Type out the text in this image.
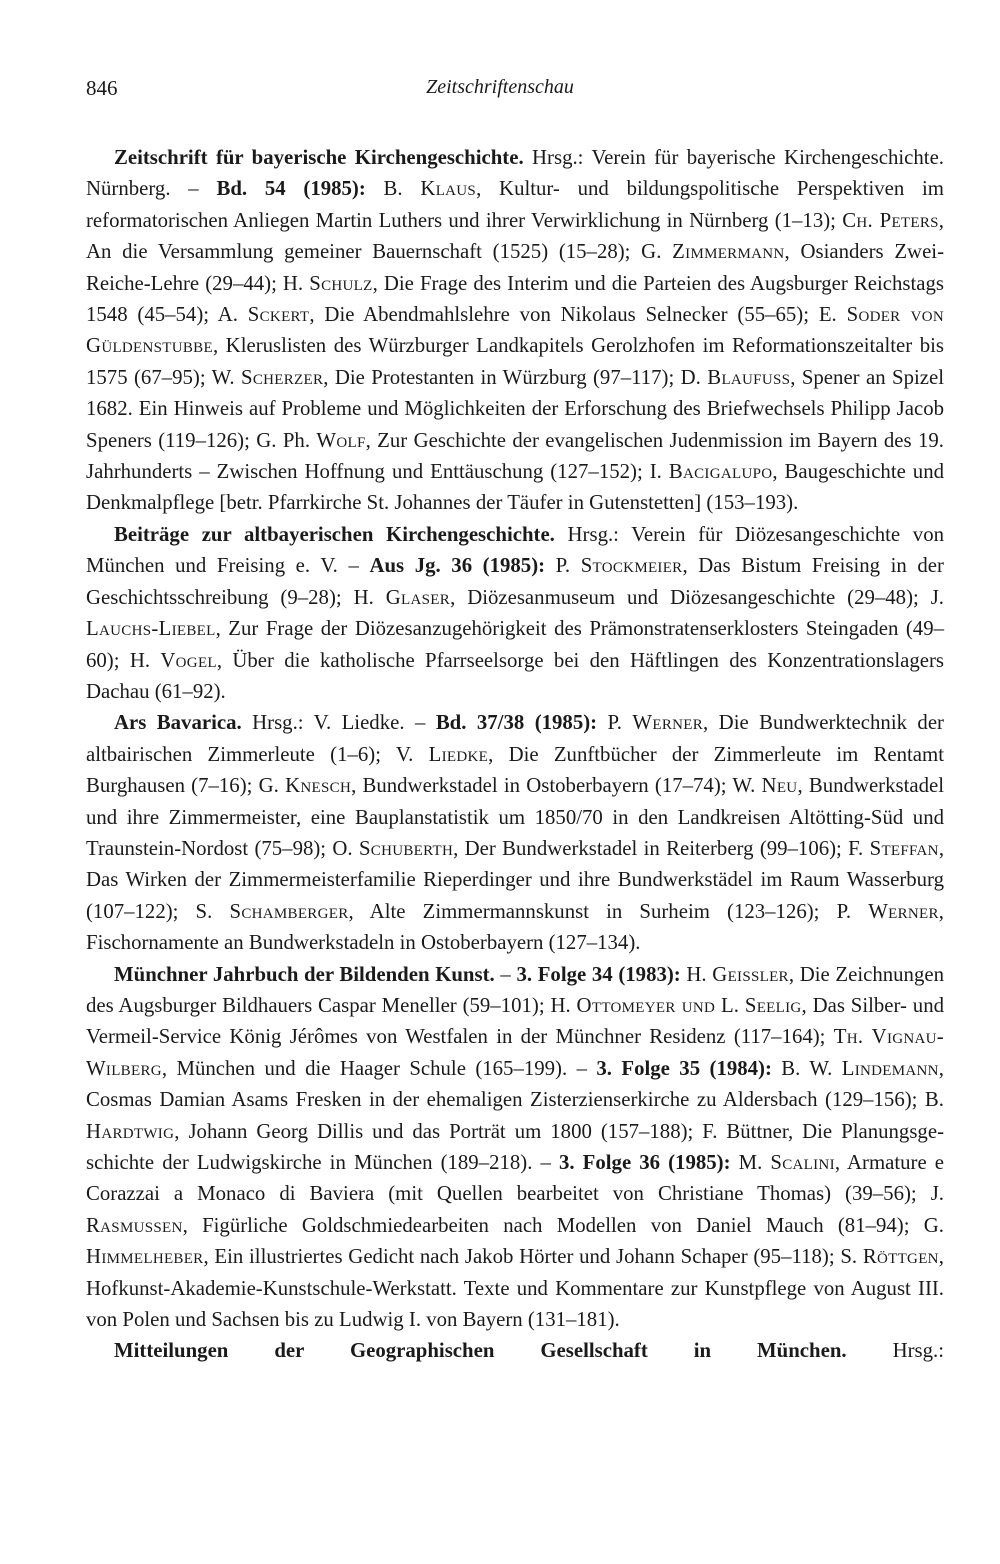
846	Zeitschriftenschau

Zeitschrift für bayerische Kirchengeschichte. Hrsg.: Verein für bayerische Kirchengeschichte. Nürnberg. – Bd. 54 (1985): B. Klaus, Kultur- und bildungspolitische Perspektiven im reformatorischen Anliegen Martin Luthers und ihrer Verwirklichung in Nürnberg (1–13); Ch. Peters, An die Versammlung gemeiner Bauernschaft (1525) (15–28); G. Zimmermann, Osianders Zwei-Reiche-Lehre (29–44); H. Schulz, Die Frage des Interim und die Parteien des Augsburger Reichstags 1548 (45–54); A. Sckert, Die Abendmahlslehre von Nikolaus Selnecker (55–65); E. Soder von Güldenstubbe, Kleruslisten des Würzburger Landkapitels Gerolzhofen im Reformationszeitalter bis 1575 (67–95); W. Scherzer, Die Protestanten in Würzburg (97–117); D. Blaufuss, Spener an Spizel 1682. Ein Hinweis auf Probleme und Möglichkeiten der Erforschung des Briefwechsels Philipp Jacob Speners (119–126); G. Ph. Wolf, Zur Geschichte der evangelischen Judenmission im Bayern des 19. Jahrhunderts – Zwischen Hoffnung und Enttäuschung (127–152); I. Bacigalupo, Baugeschichte und Denkmalpflege [betr. Pfarrkirche St. Johannes der Täufer in Gutenstetten] (153–193).

Beiträge zur altbayerischen Kirchengeschichte. Hrsg.: Verein für Diözesangeschichte von München und Freising e. V. – Aus Jg. 36 (1985): P. Stockmeier, Das Bistum Freising in der Geschichtsschreibung (9–28); H. Glaser, Diözesanmuseum und Diözesangeschichte (29–48); J. Lauchs-Liebel, Zur Frage der Diözesanzugehörigkeit des Prämonstratenserklosters Steingaden (49–60); H. Vogel, Über die katholische Pfarrseelsorge bei den Häftlingen des Konzentrationslagers Dachau (61–92).

Ars Bavarica. Hrsg.: V. Liedke. – Bd. 37/38 (1985): P. Werner, Die Bundwerktechnik der altbairischen Zimmerleute (1–6); V. Liedke, Die Zunftbücher der Zimmerleute im Rentamt Burghausen (7–16); G. Knesch, Bundwerkstadel in Ostoberbayern (17–74); W. Neu, Bundwerkstadel und ihre Zimmermeister, eine Bauplanstatistik um 1850/70 in den Landkreisen Altötting-Süd und Traunstein-Nordost (75–98); O. Schuberth, Der Bundwerkstadel in Reiterberg (99–106); F. Steffan, Das Wirken der Zimmermeisterfamilie Rieperdinger und ihre Bundwerkstädel im Raum Wasserburg (107–122); S. Schamberger, Alte Zimmermannskunst in Surheim (123–126); P. Werner, Fischornamente an Bundwerkstadeln in Ostoberbayern (127–134).

Münchner Jahrbuch der Bildenden Kunst. – 3. Folge 34 (1983): H. Geissler, Die Zeichnungen des Augsburger Bildhauers Caspar Meneller (59–101); H. Ottomeyer und L. Seelig, Das Silber- und Vermeil-Service König Jérômes von Westfalen in der Münchner Residenz (117–164); Th. Vignau-Wilberg, München und die Haager Schule (165–199). – 3. Folge 35 (1984): B. W. Lindemann, Cosmas Damian Asams Fresken in der ehemaligen Zisterzienserkirche zu Aldersbach (129–156); B. Hardtwig, Johann Georg Dillis und das Porträt um 1800 (157–188); F. Büttner, Die Planungsgeschichte der Ludwigskirche in München (189–218). – 3. Folge 36 (1985): M. Scalini, Armature e Corazzai a Monaco di Baviera (mit Quellen bearbeitet von Christiane Thomas) (39–56); J. Rasmussen, Figürliche Goldschmiedearbeiten nach Modellen von Daniel Mauch (81–94); G. Himmelheber, Ein illustriertes Gedicht nach Jakob Hörter und Johann Schaper (95–118); S. Röttgen, Hofkunst-Akademie-Kunstschule-Werkstatt. Texte und Kommentare zur Kunstpflege von August III. von Polen und Sachsen bis zu Ludwig I. von Bayern (131–181).

Mitteilungen der Geographischen Gesellschaft in München. Hrsg.:
